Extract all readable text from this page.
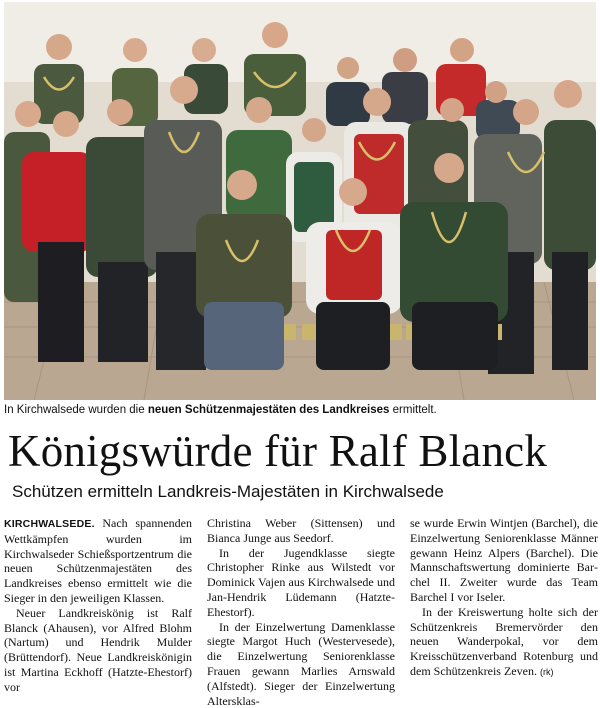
In Kirchwalsede wurden die neuen Schützenmajestäten des Landkreises ermittelt.
Königswürde für Ralf Blanck
Schützen ermitteln Landkreis-Majestäten in Kirchwalsede

KIRCHWALSEDE. Nach spannenden Wettkämpfen wurden im Kirchwalseder Schießsportzentrum die neuen Schützenmajestäten des Landkreises ebenso ermittelt wie die Sieger in den jeweiligen Klassen.

Neuer Landkreiskönig ist Ralf Blanck (Ahausen), vor Alfred Blohm (Nartum) und Hendrik Mulder (Brüttendorf). Neue Landkreiskönigin ist Martina Eckhoff (Hatzte-Ehestorf) vor

Christina Weber (Sittensen) und Bianca Junge aus Seedorf.

In der Jugendklasse siegte Christopher Rinke aus Wilstedt vor Dominick Vajen aus Kirchwalsede und Jan-Hendrik Lüdemann (Hatzte-Ehestorf).

In der Einzelwertung Damenklasse siegte Margot Huch (Westervesede), die Einzelwertung Seniorenklasse Frauen gewann Marlies Arnswald (Alfstedt). Sieger der Einzelwertung Altersklas-

se wurde Erwin Wintjen (Barchel), die Einzelwertung Seniorenklasse Männer gewann Heinz Alpers (Barchel). Die Mannschaftswertung dominierte Barchel II. Zweiter wurde das Team Barchel I vor Iseler.

In der Kreiswertung holte sich der Schützenkreis Bremervörder den neuen Wanderpokal, vor dem Kreisschützenverband Rotenburg und dem Schützenkreis Zeven. (rk)
